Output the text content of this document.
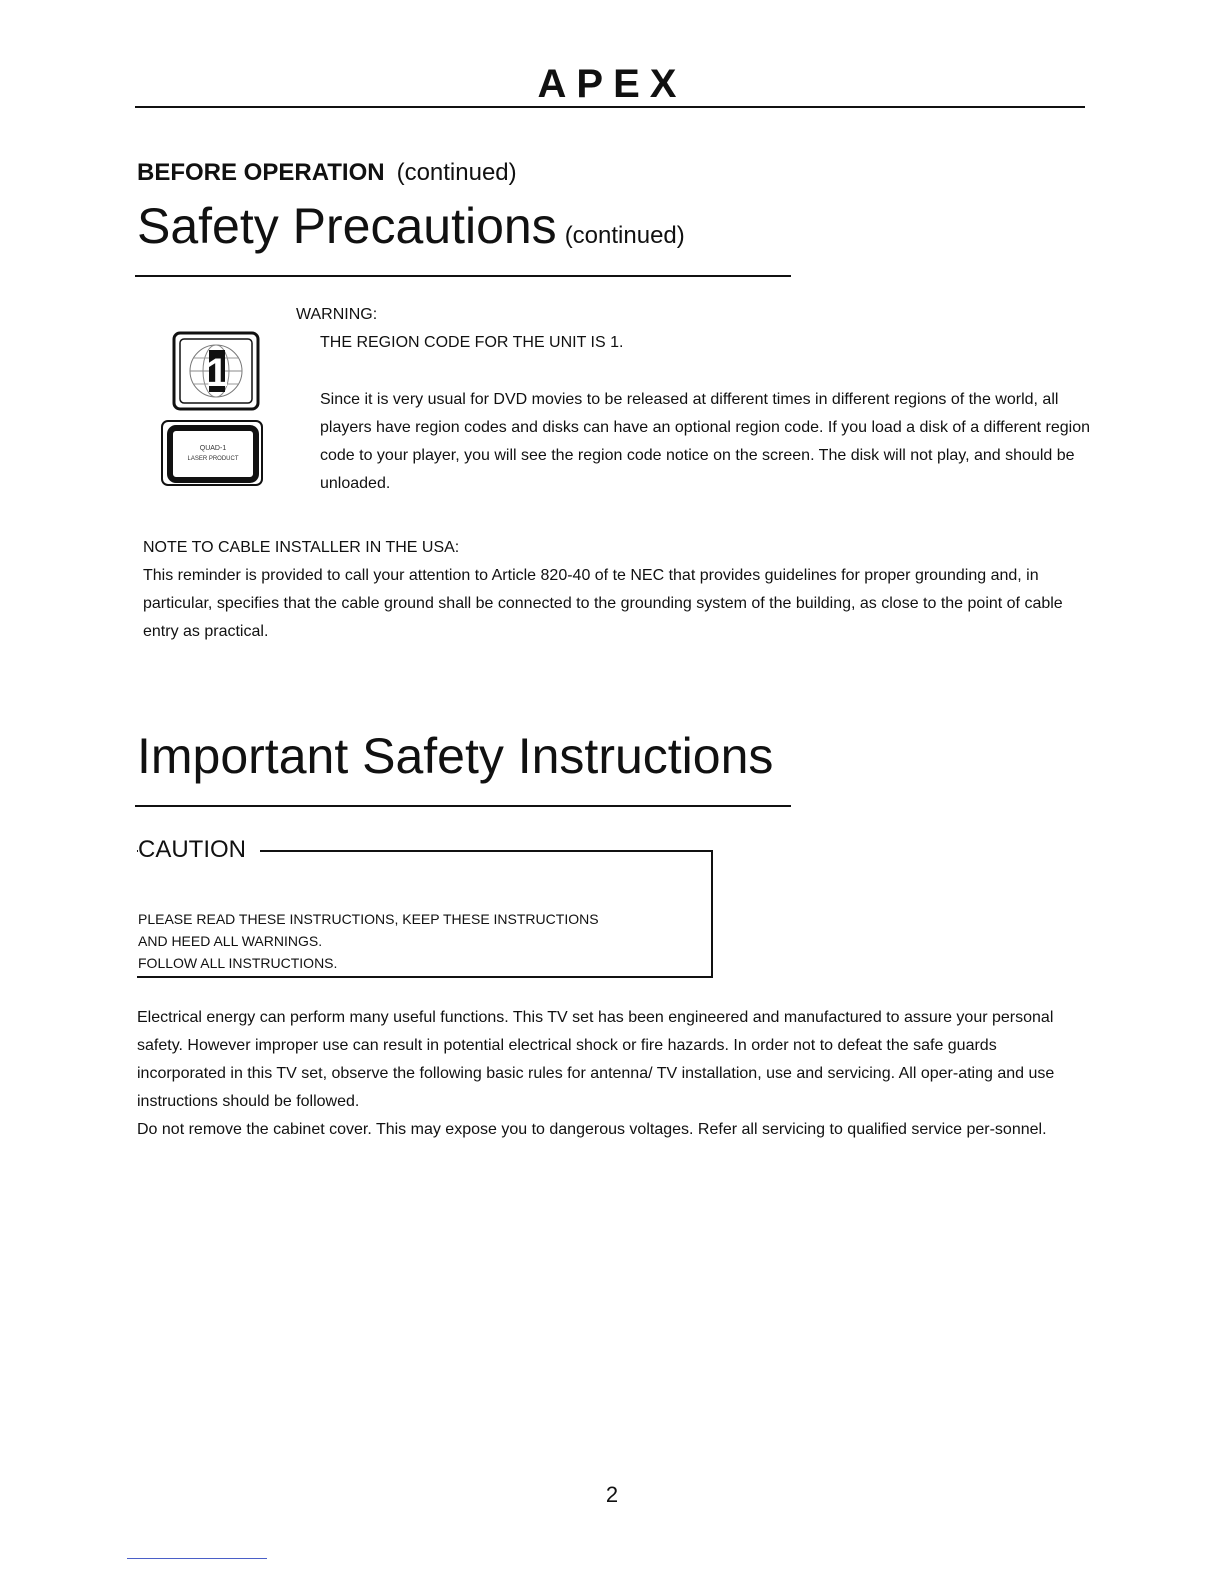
APEX
BEFORE OPERATION (continued)
Safety Precautions (continued)
1
QUAD-1
LASER PRODUCT
WARNING:
THE REGION CODE FOR THE UNIT IS 1.
Since it is very usual for DVD movies to be released at different times in different regions of the world, all players have region codes and disks can have an optional region code. If you load a disk of a different region code to your player, you will see the region code notice on the screen. The disk will not play, and should be unloaded.
NOTE TO CABLE INSTALLER IN THE USA:
This reminder is provided to call your attention to Article 820-40 of te NEC that provides guidelines for proper grounding and, in particular, specifies that the cable ground shall be connected to the grounding system of the building, as close to the point of cable entry as practical.
Important Safety Instructions
CAUTION
PLEASE READ THESE INSTRUCTIONS, KEEP THESE INSTRUCTIONS
AND HEED ALL WARNINGS.
FOLLOW ALL INSTRUCTIONS.
Electrical energy can perform many useful functions. This TV set has been engineered and manufactured to assure your personal safety. However improper use can result in potential electrical shock or fire hazards. In order not to defeat the safe guards incorporated in this TV set, observe the following basic rules for antenna/ TV installation, use and servicing. All oper-ating and use instructions should be followed.
Do not remove the cabinet cover. This may expose you to dangerous voltages. Refer all servicing to qualified service per-sonnel.
2
